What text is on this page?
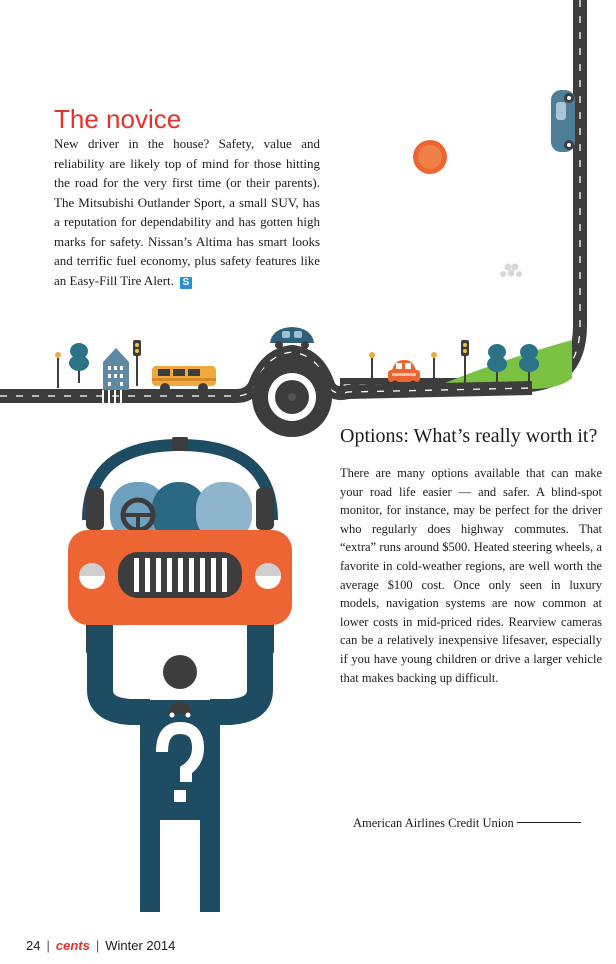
The novice

New driver in the house? Safety, value and reliability are likely top of mind for those hitting the road for the very first time (or their parents). The Mitsubishi Outlander Sport, a small SUV, has a reputation for dependability and has gotten high marks for safety. Nissan’s Altima has smart looks and terrific fuel economy, plus safety features like an Easy-Fill Tire Alert. S

Options: What’s really worth it?

There are many options available that can make your road life easier — and safer. A blind-spot monitor, for instance, may be perfect for the driver who regularly does highway commutes. That “extra” runs around $500. Heated steering wheels, a favorite in cold-weather regions, are well worth the average $100 cost. Once only seen in luxury models, navigation systems are now common at lower costs in mid-priced rides. Rearview cameras can be a relatively inexpensive lifesaver, especially if you have young children or drive a larger vehicle that makes backing up difficult.

American Airlines Credit Union

24 | cents | Winter 2014
